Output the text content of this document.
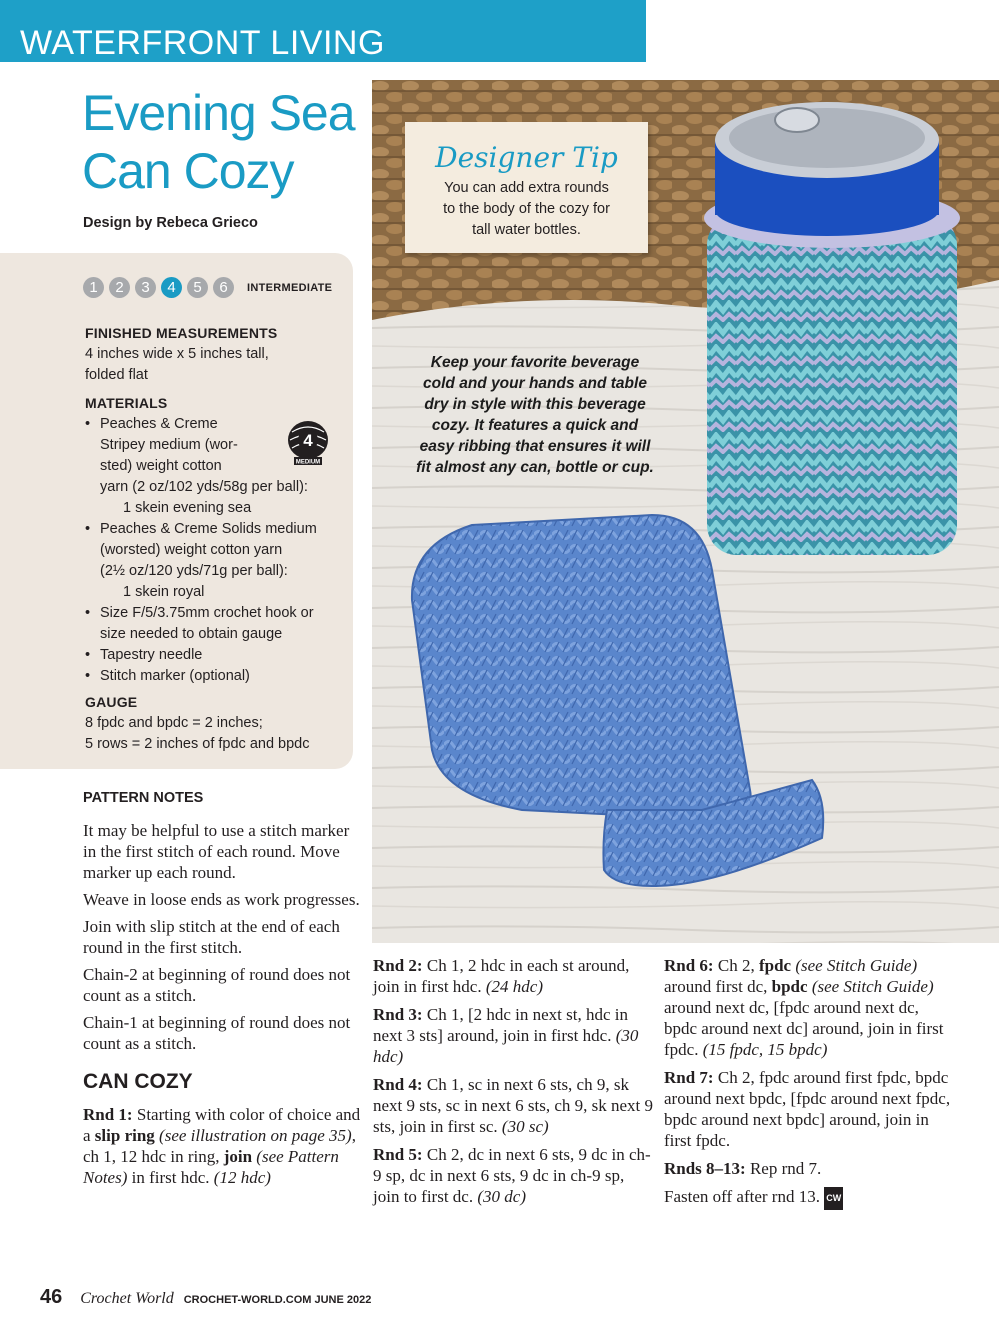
WATERFRONT LIVING
Evening Sea
Can Cozy
Design by Rebeca Grieco
1	2	3	4	5	6	INTERMEDIATE
FINISHED MEASUREMENTS
4 inches wide x 5 inches tall,
folded flat
MATERIALS
• Peaches & Creme
Stripey medium (wor-
sted) weight cotton
yarn (2 oz/102 yds/58g per ball):
1 skein evening sea
• Peaches & Creme Solids medium
(worsted) weight cotton yarn
(2½ oz/120 yds/71g per ball):
1 skein royal
• Size F/5/3.75mm crochet hook or
size needed to obtain gauge
• Tapestry needle
• Stitch marker (optional)
4
MEDIUM
GAUGE
8 fpdc and bpdc = 2 inches;
5 rows = 2 inches of fpdc and bpdc
PATTERN NOTES

It may be helpful to use a stitch marker in the first stitch of each round. Move marker up each round.

Weave in loose ends as work progresses.

Join with slip stitch at the end of each round in the first stitch.

Chain-2 at beginning of round does not count as a stitch.

Chain-1 at beginning of round does not count as a stitch.

CAN COZY

Rnd 1: Starting with color of choice and a slip ring (see illustration on page 35), ch 1, 12 hdc in ring, join (see Pattern Notes) in first hdc. (12 hdc)

Designer Tip
You can add extra rounds
to the body of the cozy for
tall water bottles.
Keep your favorite beverage
cold and your hands and table
dry in style with this beverage
cozy. It features a quick and
easy ribbing that ensures it will
fit almost any can, bottle or cup.

Rnd 2: Ch 1, 2 hdc in each st around, join in first hdc. (24 hdc)

Rnd 3: Ch 1, [2 hdc in next st, hdc in next 3 sts] around, join in first hdc. (30 hdc)

Rnd 4: Ch 1, sc in next 6 sts, ch 9, sk next 9 sts, sc in next 6 sts, ch 9, sk next 9 sts, join in first sc. (30 sc)

Rnd 5: Ch 2, dc in next 6 sts, 9 dc in ch-9 sp, dc in next 6 sts, 9 dc in ch-9 sp, join to first dc. (30 dc)

Rnd 6: Ch 2, fpdc (see Stitch Guide) around first dc, bpdc (see Stitch Guide) around next dc, [fpdc around next dc, bpdc around next dc] around, join in first fpdc. (15 fpdc, 15 bpdc)

Rnd 7: Ch 2, fpdc around first fpdc, bpdc around next bpdc, [fpdc around next fpdc, bpdc around next bpdc] around, join in first fpdc.

Rnds 8–13: Rep rnd 7.

Fasten off after rnd 13. CW

46 Crochet World CROCHET-WORLD.COM JUNE 2022
